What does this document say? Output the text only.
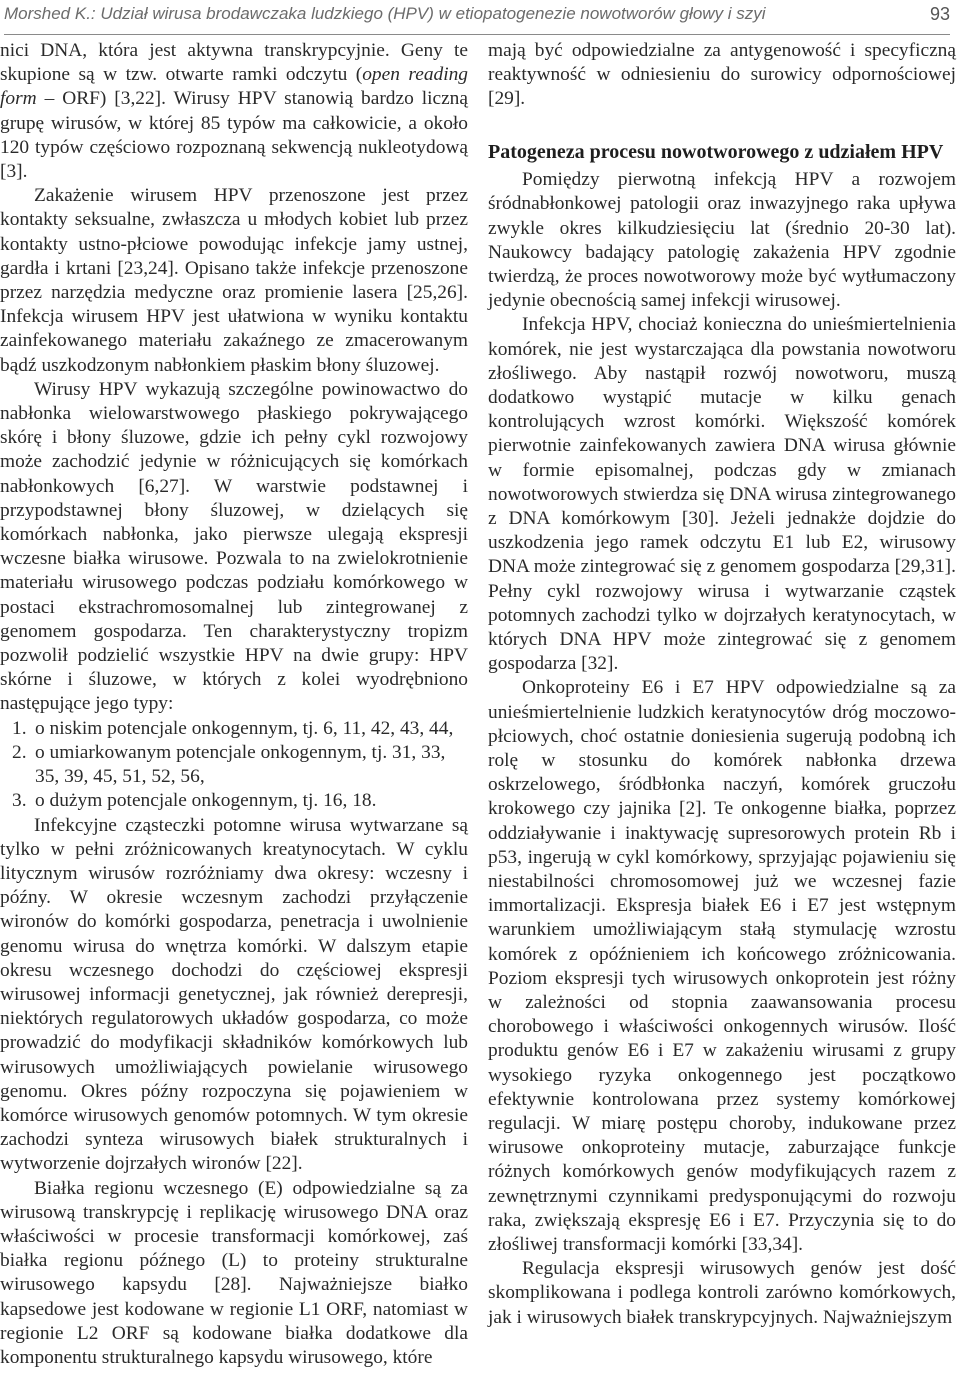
Morshed K.: Udział wirusa brodawczaka ludzkiego (HPV) w etiopatogenezie nowotworów głowy i szyi	93

nici DNA, która jest aktywna transkrypcyjnie. Geny te skupione są w tzw. otwarte ramki odczytu (open reading form – ORF) [3,22]. Wirusy HPV stanowią bardzo liczną grupę wirusów, w której 85 typów ma całkowicie, a około 120 typów częściowo rozpoznaną sekwencją nukleotydową [3].

Zakażenie wirusem HPV przenoszone jest przez kontakty seksualne, zwłaszcza u młodych kobiet lub przez kontakty ustno-płciowe powodując infekcje jamy ustnej, gardła i krtani [23,24]. Opisano także infekcje przenoszone przez narzędzia medyczne oraz promienie lasera [25,26]. Infekcja wirusem HPV jest ułatwiona w wyniku kontaktu zainfekowanego materiału zakaźnego ze zmacerowanym bądź uszkodzonym nabłonkiem płaskim błony śluzowej.

Wirusy HPV wykazują szczególne powinowactwo do nabłonka wielowarstwowego płaskiego pokrywającego skórę i błony śluzowe, gdzie ich pełny cykl rozwojowy może zachodzić jedynie w różnicujących się komórkach nabłonkowych [6,27]. W warstwie podstawnej i przypodstawnej błony śluzowej, w dzielących się komórkach nabłonka, jako pierwsze ulegają ekspresji wczesne białka wirusowe. Pozwala to na zwielokrotnienie materiału wirusowego podczas podziału komórkowego w postaci ekstrachromosomalnej lub zintegrowanej z genomem gospodarza. Ten charakterystyczny tropizm pozwolił podzielić wszystkie HPV na dwie grupy: HPV skórne i śluzowe, w których z kolei wyodrębniono następujące jego typy:

1. o niskim potencjale onkogennym, tj. 6, 11, 42, 43, 44,
2. o umiarkowanym potencjale onkogennym, tj. 31, 33, 35, 39, 45, 51, 52, 56,
3. o dużym potencjale onkogennym, tj. 16, 18.

Infekcyjne cząsteczki potomne wirusa wytwarzane są tylko w pełni zróżnicowanych kreatynocytach. W cyklu litycznym wirusów rozróżniamy dwa okresy: wczesny i późny. W okresie wczesnym zachodzi przyłączenie wironów do komórki gospodarza, penetracja i uwolnienie genomu wirusa do wnętrza komórki. W dalszym etapie okresu wczesnego dochodzi do częściowej ekspresji wirusowej informacji genetycznej, jak również derepresji, niektórych regulatorowych układów gospodarza, co może prowadzić do modyfikacji składników komórkowych lub wirusowych umożliwiających powielanie wirusowego genomu. Okres późny rozpoczyna się pojawieniem w komórce wirusowych genomów potomnych. W tym okresie zachodzi synteza wirusowych białek strukturalnych i wytworzenie dojrzałych wironów [22].

Białka regionu wczesnego (E) odpowiedzialne są za wirusową transkrypcję i replikację wirusowego DNA oraz właściwości w procesie transformacji komórkowej, zaś białka regionu późnego (L) to proteiny strukturalne wirusowego kapsydu [28]. Najważniejsze białko kapsedowe jest kodowane w regionie L1 ORF, natomiast w regionie L2 ORF są kodowane białka dodatkowe dla komponentu strukturalnego kapsydu wirusowego, które

mają być odpowiedzialne za antygenowość i specyficzną reaktywność w odniesieniu do surowicy odpornościowej [29].

Patogeneza procesu nowotworowego z udziałem HPV

Pomiędzy pierwotną infekcją HPV a rozwojem śródnabłonkowej patologii oraz inwazyjnego raka upływa zwykle okres kilkudziesięciu lat (średnio 20-30 lat). Naukowcy badający patologię zakażenia HPV zgodnie twierdzą, że proces nowotworowy może być wytłumaczony jedynie obecnością samej infekcji wirusowej.

Infekcja HPV, chociaż konieczna do unieśmiertelnienia komórek, nie jest wystarczająca dla powstania nowotworu złośliwego. Aby nastąpił rozwój nowotworu, muszą dodatkowo wystąpić mutacje w kilku genach kontrolujących wzrost komórki. Większość komórek pierwotnie zainfekowanych zawiera DNA wirusa głównie w formie episomalnej, podczas gdy w zmianach nowotworowych stwierdza się DNA wirusa zintegrowanego z DNA komórkowym [30]. Jeżeli jednakże dojdzie do uszkodzenia jego ramek odczytu E1 lub E2, wirusowy DNA może zintegrować się z genomem gospodarza [29,31]. Pełny cykl rozwojowy wirusa i wytwarzanie cząstek potomnych zachodzi tylko w dojrzałych keratynocytach, w których DNA HPV może zintegrować się z genomem gospodarza [32].

Onkoproteiny E6 i E7 HPV odpowiedzialne są za unieśmiertelnienie ludzkich keratynocytów dróg moczowo-płciowych, choć ostatnie doniesienia sugerują podobną ich rolę w stosunku do komórek nabłonka drzewa oskrzelowego, śródbłonka naczyń, komórek gruczołu krokowego czy jajnika [2]. Te onkogenne białka, poprzez oddziaływanie i inaktywację supresorowych protein Rb i p53, ingerują w cykl komórkowy, sprzyjając pojawieniu się niestabilności chromosomowej już we wczesnej fazie immortalizacji. Ekspresja białek E6 i E7 jest wstępnym warunkiem umożliwiającym stałą stymulację wzrostu komórek z opóźnieniem ich końcowego zróżnicowania. Poziom ekspresji tych wirusowych onkoprotein jest różny w zależności od stopnia zaawansowania procesu chorobowego i właściwości onkogennych wirusów. Ilość produktu genów E6 i E7 w zakażeniu wirusami z grupy wysokiego ryzyka onkogennego jest początkowo efektywnie kontrolowana przez systemy komórkowej regulacji. W miarę postępu choroby, indukowane przez wirusowe onkoproteiny mutacje, zaburzające funkcje różnych komórkowych genów modyfikujących razem z zewnętrznymi czynnikami predysponującymi do rozwoju raka, zwiększają ekspresję E6 i E7. Przyczynia się to do złośliwej transformacji komórki [33,34].

Regulacja ekspresji wirusowych genów jest dość skomplikowana i podlega kontroli zarówno komórkowych, jak i wirusowych białek transkrypcyjnych. Najważniejszym
